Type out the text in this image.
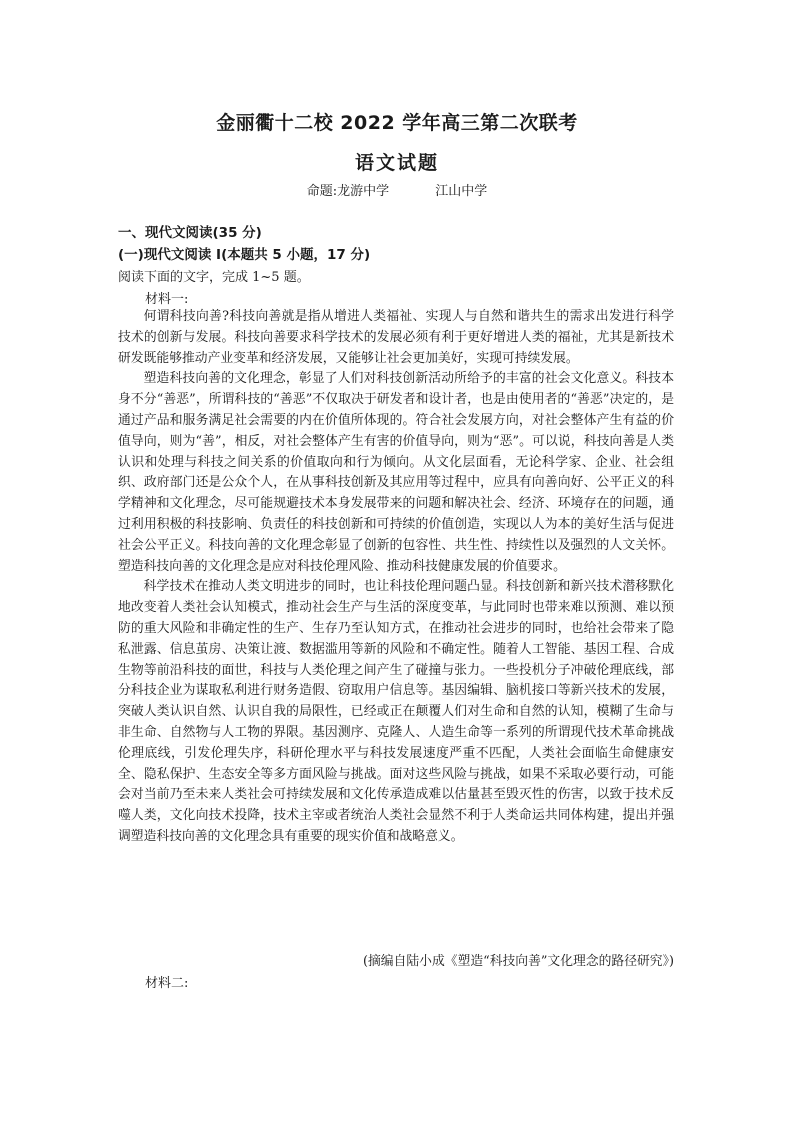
金丽衢十二校 2022 学年高三第二次联考
语文试题
命题:龙游中学	江山中学
一、现代文阅读(35 分)
(一)现代文阅读 I(本题共 5 小题，17 分)
阅读下面的文字，完成 1~5 题。
材料一:

何谓科技向善?科技向善就是指从增进人类福祉、实现人与自然和谐共生的需求出发进行科学技术的创新与发展。科技向善要求科学技术的发展必须有利于更好增进人类的福祉，尤其是新技术研发既能够推动产业变革和经济发展，又能够让社会更加美好，实现可持续发展。

塑造科技向善的文化理念，彰显了人们对科技创新活动所给予的丰富的社会文化意义。科技本身不分“善恶”，所谓科技的“善恶”不仅取决于研发者和设计者，也是由使用者的“善恶”决定的，是通过产品和服务满足社会需要的内在价值所体现的。符合社会发展方向，对社会整体产生有益的价值导向，则为“善”，相反，对社会整体产生有害的价值导向，则为“恶”。可以说，科技向善是人类认识和处理与科技之间关系的价值取向和行为倾向。从文化层面看，无论科学家、企业、社会组织、政府部门还是公众个人，在从事科技创新及其应用等过程中，应具有向善向好、公平正义的科学精神和文化理念，尽可能规避技术本身发展带来的问题和解决社会、经济、环境存在的问题，通过利用积极的科技影响、负责任的科技创新和可持续的价值创造，实现以人为本的美好生活与促进社会公平正义。科技向善的文化理念彰显了创新的包容性、共生性、持续性以及强烈的人文关怀。塑造科技向善的文化理念是应对科技伦理风险、推动科技健康发展的价值要求。

科学技术在推动人类文明进步的同时，也让科技伦理问题凸显。科技创新和新兴技术潜移默化地改变着人类社会认知模式，推动社会生产与生活的深度变革，与此同时也带来难以预测、难以预防的重大风险和非确定性的生产、生存乃至认知方式，在推动社会进步的同时，也给社会带来了隐私泄露、信息茧房、决策让渡、数据滥用等新的风险和不确定性。随着人工智能、基因工程、合成生物等前沿科技的面世，科技与人类伦理之间产生了碰撞与张力。一些投机分子冲破伦理底线，部分科技企业为谋取私利进行财务造假、窃取用户信息等。基因编辑、脑机接口等新兴技术的发展，突破人类认识自然、认识自我的局限性，已经或正在颠覆人们对生命和自然的认知，模糊了生命与非生命、自然物与人工物的界限。基因测序、克隆人、人造生命等一系列的所谓现代技术革命挑战伦理底线，引发伦理失序，科研伦理水平与科技发展速度严重不匹配，人类社会面临生命健康安全、隐私保护、生态安全等多方面风险与挑战。面对这些风险与挑战，如果不采取必要行动，可能会对当前乃至未来人类社会可持续发展和文化传承造成难以估量甚至毁灭性的伤害，以致于技术反噬人类，文化向技术投降，技术主宰或者统治人类社会显然不利于人类命运共同体构建，提出并强调塑造科技向善的文化理念具有重要的现实价值和战略意义。

(摘编自陆小成《塑造“科技向善”文化理念的路径研究》)
材料二:
